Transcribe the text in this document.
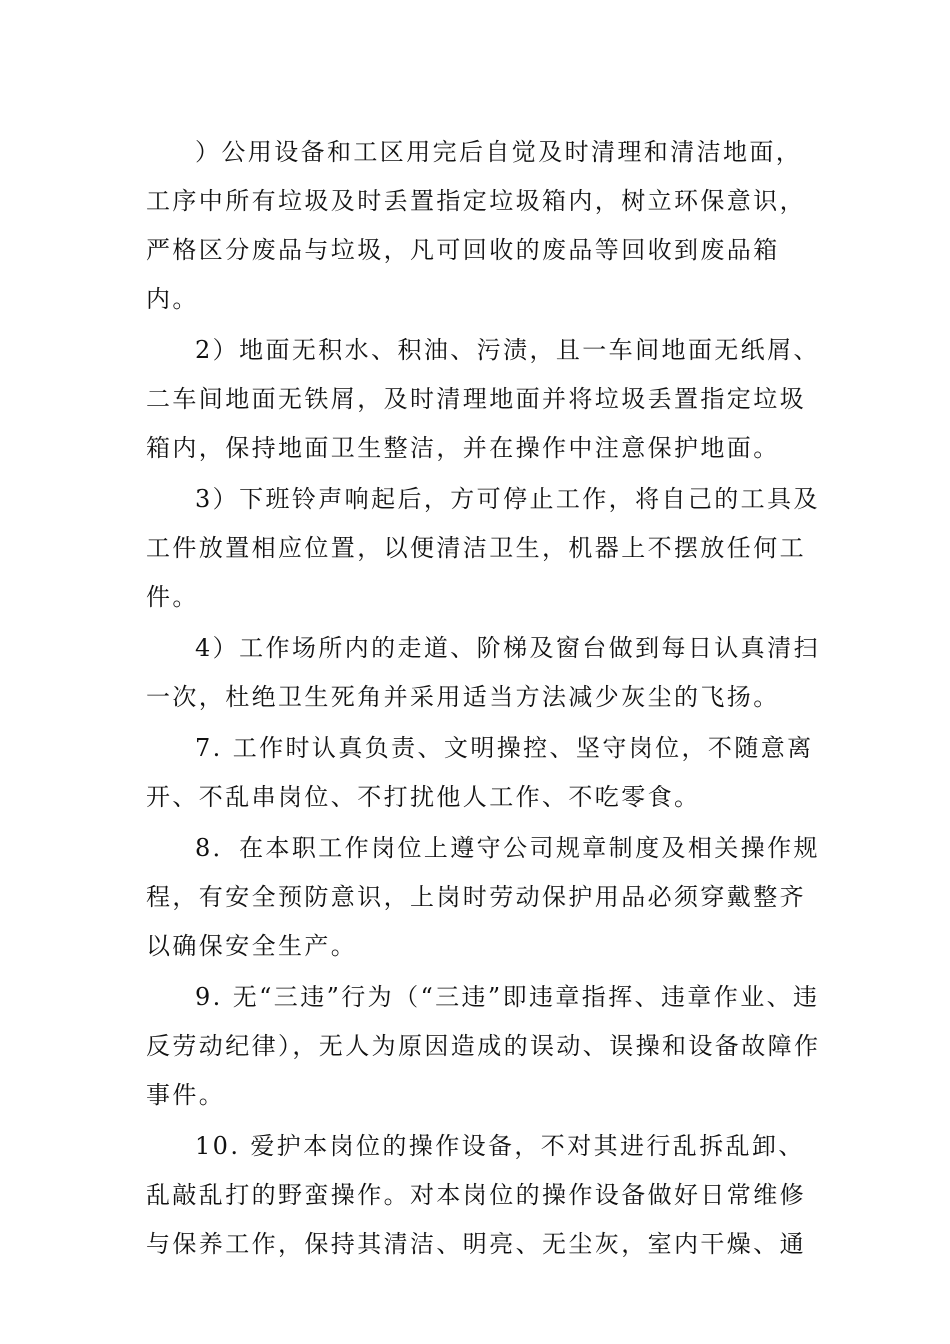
）公用设备和工区用完后自觉及时清理和清洁地面，工序中所有垃圾及时丢置指定垃圾箱内，树立环保意识，严格区分废品与垃圾，凡可回收的废品等回收到废品箱内。

2）地面无积水、积油、污渍，且一车间地面无纸屑、二车间地面无铁屑，及时清理地面并将垃圾丢置指定垃圾箱内，保持地面卫生整洁，并在操作中注意保护地面。

3）下班铃声响起后，方可停止工作，将自己的工具及工件放置相应位置，以便清洁卫生，机器上不摆放任何工件。

4）工作场所内的走道、阶梯及窗台做到每日认真清扫一次，杜绝卫生死角并采用适当方法减少灰尘的飞扬。

7. 工作时认真负责、文明操控、坚守岗位，不随意离开、不乱串岗位、不打扰他人工作、不吃零食。

8．在本职工作岗位上遵守公司规章制度及相关操作规程，有安全预防意识，上岗时劳动保护用品必须穿戴整齐以确保安全生产。

9. 无“三违”行为（“三违”即违章指挥、违章作业、违反劳动纪律），无人为原因造成的误动、误操和设备故障作事件。

10. 爱护本岗位的操作设备，不对其进行乱拆乱卸、乱敲乱打的野蛮操作。对本岗位的操作设备做好日常维修与保养工作，保持其清洁、明亮、无尘灰，室内干燥、通
